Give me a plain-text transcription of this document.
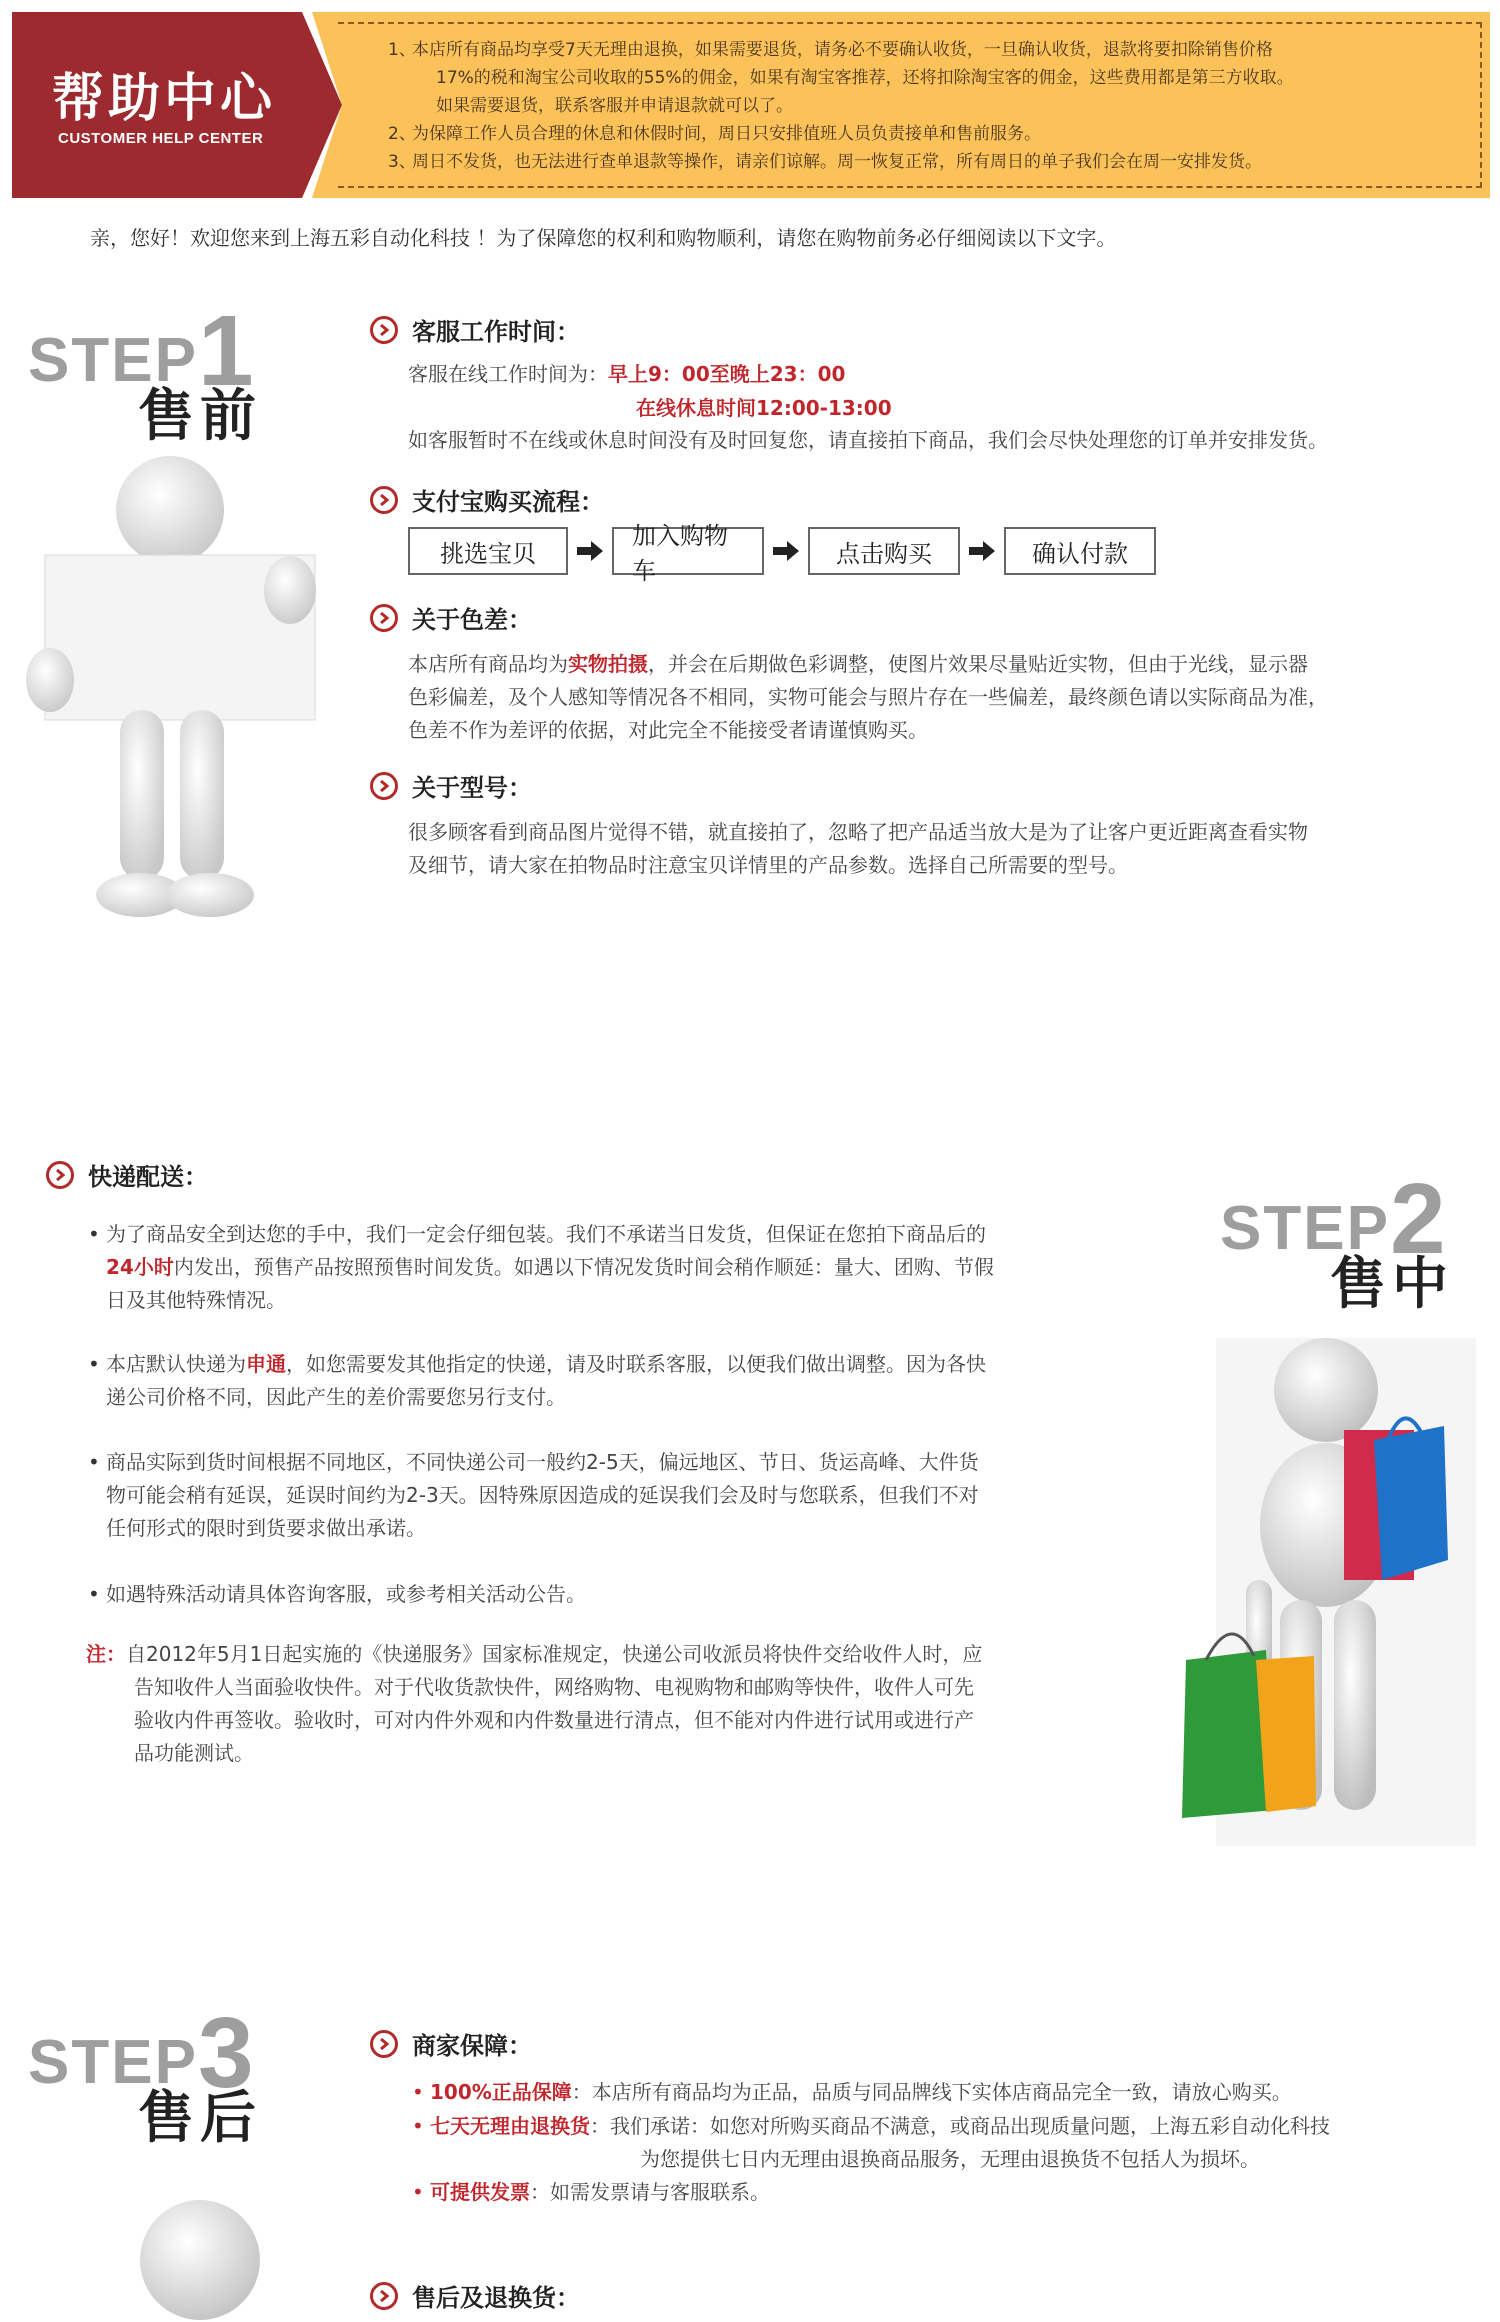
帮助中心
CUSTOMER HELP CENTER
1、本店所有商品均享受7天无理由退换，如果需要退货，请务必不要确认收货，一旦确认收货，退款将要扣除销售价格
17%的税和淘宝公司收取的55%的佣金，如果有淘宝客推荐，还将扣除淘宝客的佣金，这些费用都是第三方收取。
如果需要退货，联系客服并申请退款就可以了。
2、为保障工作人员合理的休息和休假时间，周日只安排值班人员负责接单和售前服务。
3、周日不发货，也无法进行查单退款等操作，请亲们谅解。周一恢复正常，所有周日的单子我们会在周一安排发货。
亲，您好！欢迎您来到上海五彩自动化科技 ！为了保障您的权利和购物顺利，请您在购物前务必仔细阅读以下文字。
STEP1
售前
客服工作时间：
客服在线工作时间为：早上9：00至晚上23：00
在线休息时间12:00-13:00
如客服暂时不在线或休息时间没有及时回复您，请直接拍下商品，我们会尽快处理您的订单并安排发货。
支付宝购买流程：
挑选宝贝
加入购物车
点击购买	确认付款
关于色差：
本店所有商品均为实物拍摄，并会在后期做色彩调整，使图片效果尽量贴近实物，但由于光线，显示器
色彩偏差，及个人感知等情况各不相同，实物可能会与照片存在一些偏差，最终颜色请以实际商品为准，
色差不作为差评的依据，对此完全不能接受者请谨慎购买。
关于型号：
很多顾客看到商品图片觉得不错，就直接拍了，忽略了把产品适当放大是为了让客户更近距离查看实物
及细节，请大家在拍物品时注意宝贝详情里的产品参数。选择自己所需要的型号。
快递配送：
• 为了商品安全到达您的手中，我们一定会仔细包装。我们不承诺当日发货，但保证在您拍下商品后的
24小时内发出，预售产品按照预售时间发货。如遇以下情况发货时间会稍作顺延：量大、团购、节假
日及其他特殊情况。
• 本店默认快递为申通，如您需要发其他指定的快递，请及时联系客服，以便我们做出调整。因为各快
递公司价格不同，因此产生的差价需要您另行支付。
• 商品实际到货时间根据不同地区，不同快递公司一般约2-5天，偏远地区、节日、货运高峰、大件货
物可能会稍有延误，延误时间约为2-3天。因特殊原因造成的延误我们会及时与您联系，但我们不对
任何形式的限时到货要求做出承诺。
• 如遇特殊活动请具体咨询客服，或参考相关活动公告。
注：自2012年5月1日起实施的《快递服务》国家标准规定，快递公司收派员将快件交给收件人时，应
告知收件人当面验收快件。对于代收货款快件，网络购物、电视购物和邮购等快件，收件人可先
验收内件再签收。验收时，可对内件外观和内件数量进行清点，但不能对内件进行试用或进行产
品功能测试。
STEP2
售中
STEP3
售后
商家保障：
• 100%正品保障：本店所有商品均为正品，品质与同品牌线下实体店商品完全一致，请放心购买。
• 七天无理由退换货：我们承诺：如您对所购买商品不满意，或商品出现质量问题，上海五彩自动化科技
为您提供七日内无理由退换商品服务，无理由退换货不包括人为损坏。
• 可提供发票：如需发票请与客服联系。
售后及退换货：
